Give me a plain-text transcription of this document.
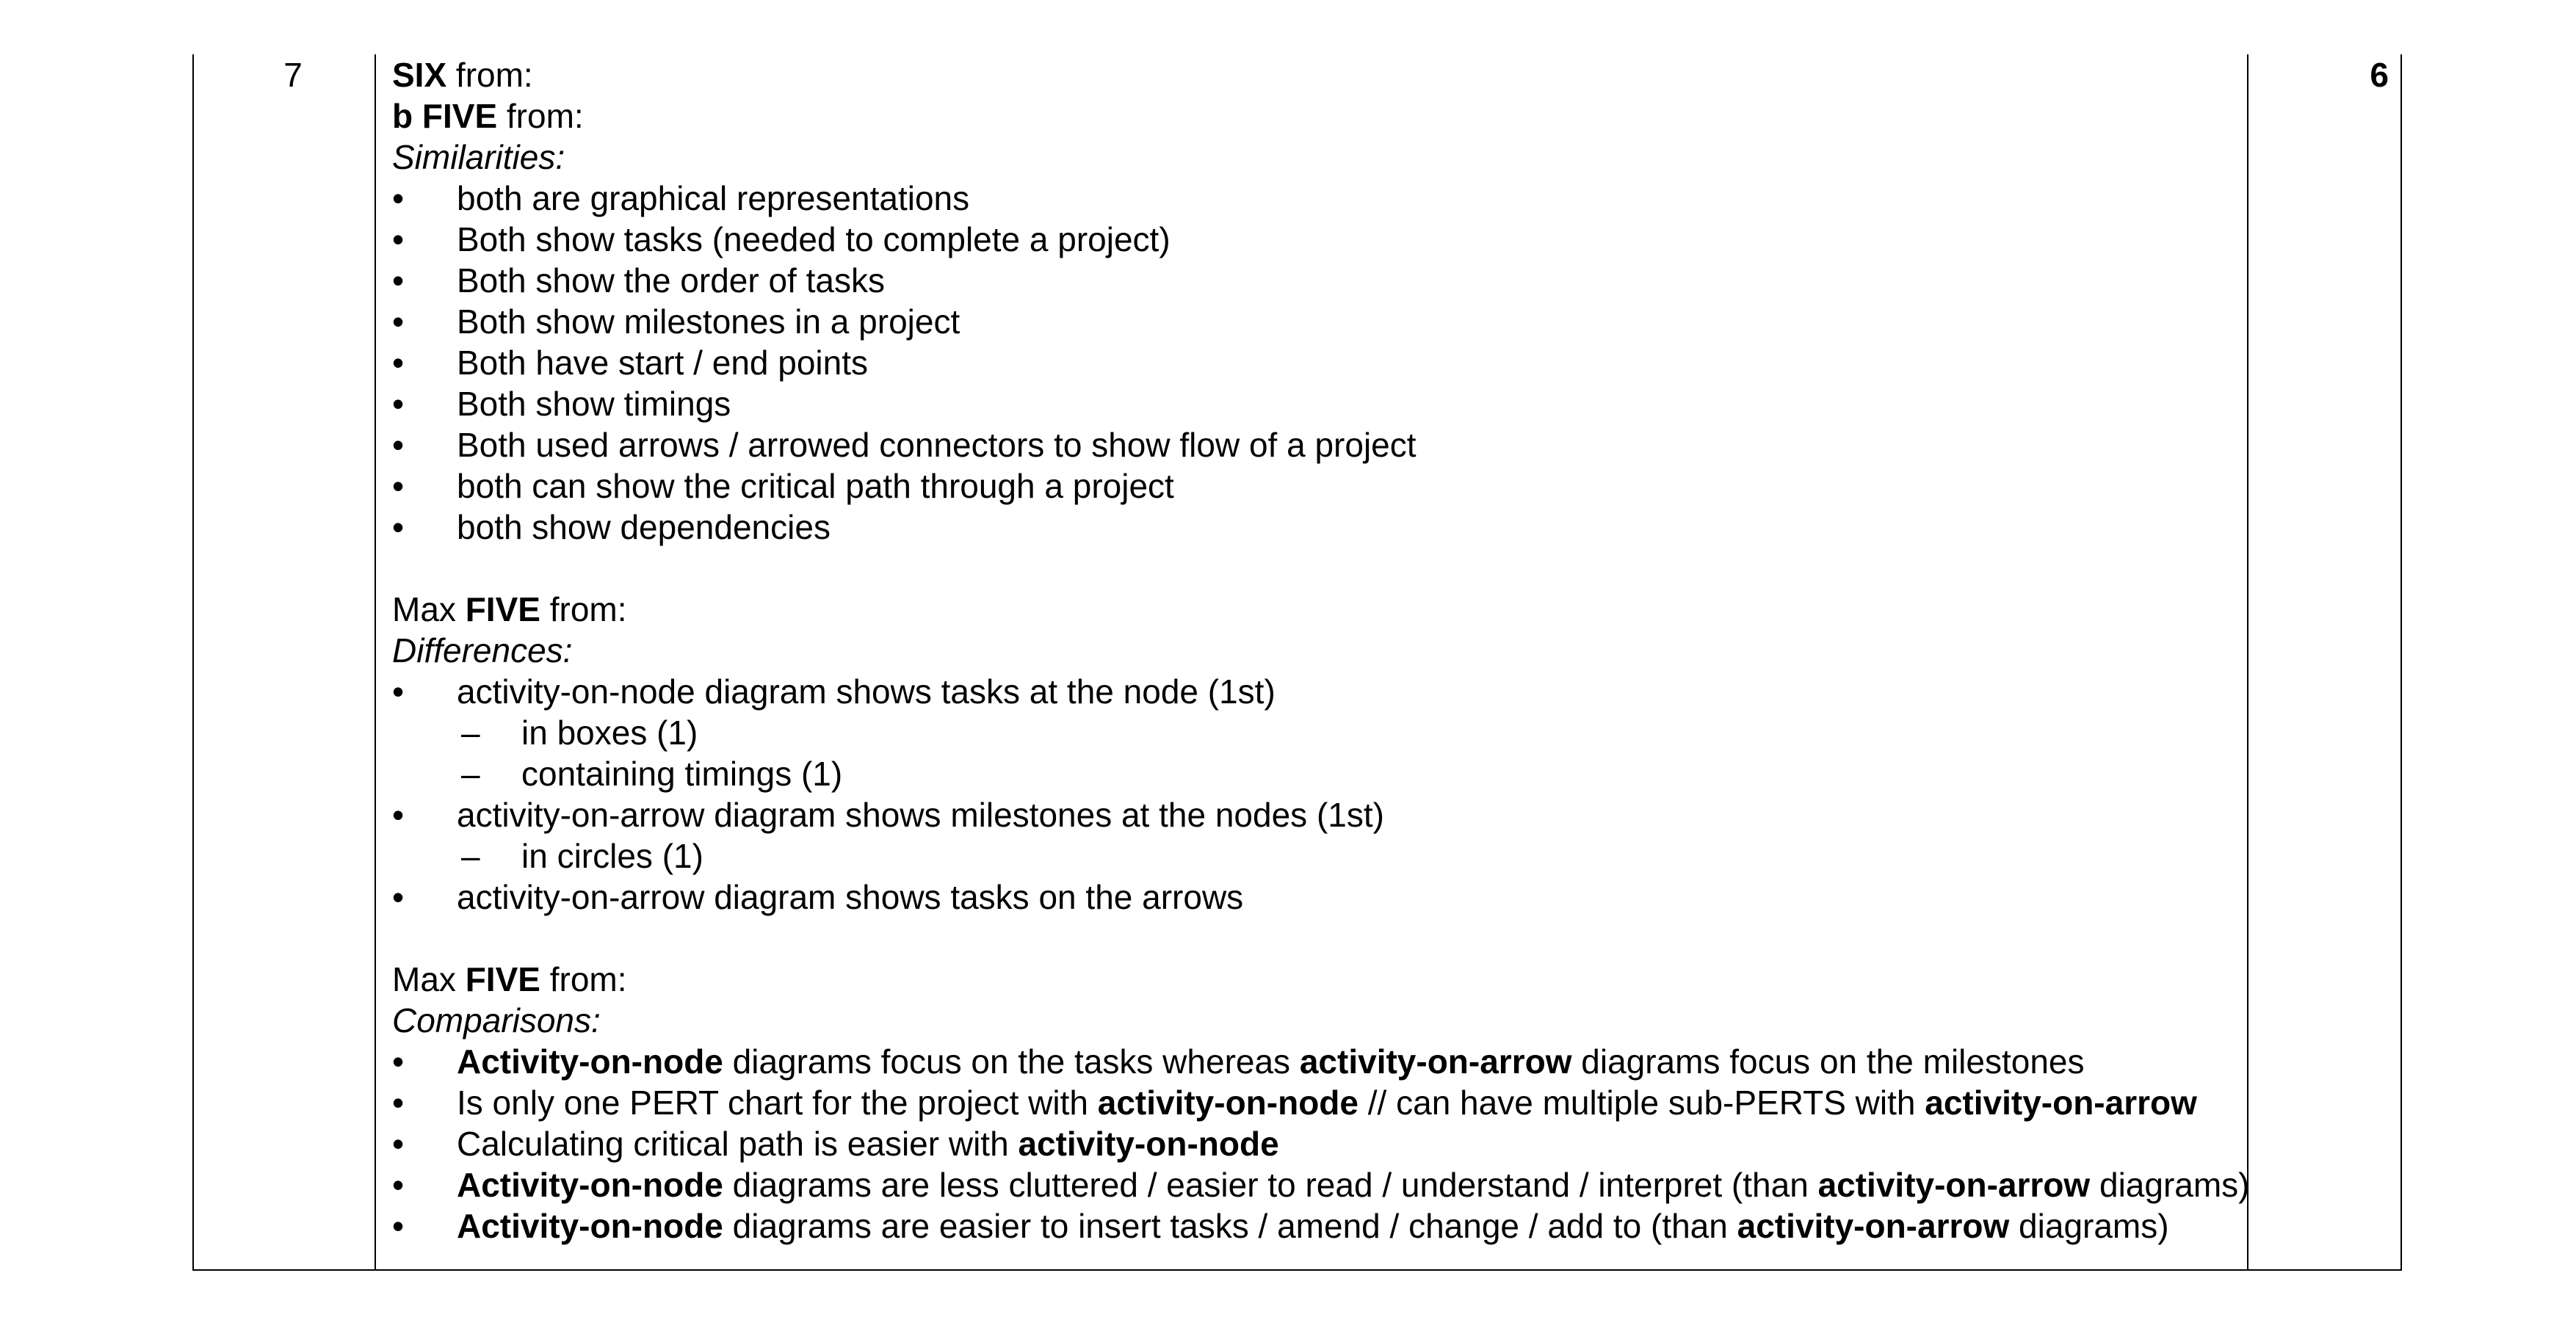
7	6
SIX from:
b FIVE from:
Similarities:
•	both are graphical representations
•	Both show tasks (needed to complete a project)
•	Both show the order of tasks
•	Both show milestones in a project
•	Both have start / end points
•	Both show timings
•	Both used arrows / arrowed connectors to show flow of a project
•	both can show the critical path through a project
•	both show dependencies
Max FIVE from:
Differences:
•	activity-on-node diagram shows tasks at the node (1st)
– in boxes (1)
– containing timings (1)
•	activity-on-arrow diagram shows milestones at the nodes (1st)
– in circles (1)
•	activity-on-arrow diagram shows tasks on the arrows
Max FIVE from:
Comparisons:
•	Activity-on-node diagrams focus on the tasks whereas activity-on-arrow diagrams focus on the milestones
•	Is only one PERT chart for the project with activity-on-node // can have multiple sub-PERTS with activity-on-arrow
•	Calculating critical path is easier with activity-on-node
•	Activity-on-node diagrams are less cluttered / easier to read / understand / interpret (than activity-on-arrow diagrams)
•	Activity-on-node diagrams are easier to insert tasks / amend / change / add to (than activity-on-arrow diagrams)
